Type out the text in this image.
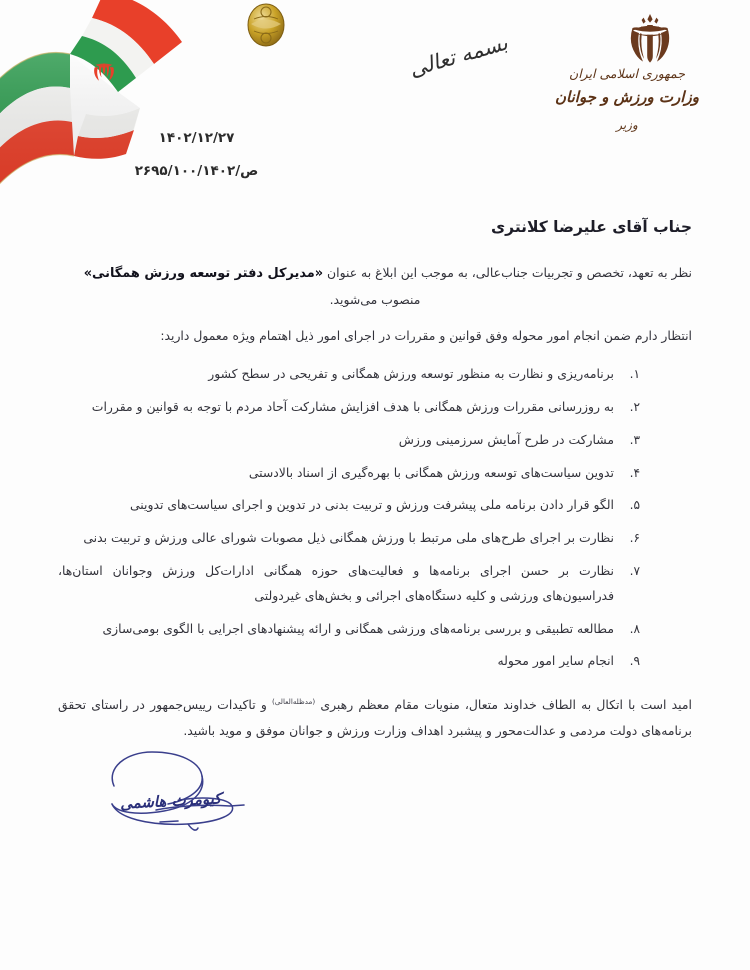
جمهوری اسلامی ایران
وزارت ورزش و جوانان
وزیر
بسمه تعالی
۱۴۰۲/۱۲/۲۷
۲۶۹۵/۱۰۰/ص/۱۴۰۲
جناب آقای علیرضا کلانتری

نظر به تعهد، تخصص و تجربیات جناب‌عالی، به موجب این ابلاغ به عنوان «مدیرکل دفتر توسعه ورزش همگانی»
منصوب می‌شوید.

انتظار دارم ضمن انجام امور محوله وفق قوانین و مقررات در اجرای امور ذیل اهتمام ویژه معمول دارید:

برنامه‌ریزی و نظارت به منظور توسعه ورزش همگانی و تفریحی در سطح کشور
به روزرسانی مقررات ورزش همگانی با هدف افزایش مشارکت آحاد مردم با توجه به قوانین و مقررات
مشارکت در طرح آمایش سرزمینی ورزش
تدوین سیاست‌های توسعه ورزش همگانی با بهره‌گیری از اسناد بالادستی
الگو قرار دادن برنامه ملی پیشرفت ورزش و تربیت بدنی در تدوین و اجرای سیاست‌های تدوینی
نظارت بر اجرای طرح‌های ملی مرتبط با ورزش همگانی ذیل مصوبات شورای عالی ورزش و تربیت بدنی
نظارت بر حسن اجرای برنامه‌ها و فعالیت‌های حوزه همگانی ادارات‌کل ورزش وجوانان استان‌ها، فدراسیون‌های ورزشی و کلیه دستگاه‌های اجرائی و بخش‌های غیردولتی
مطالعه تطبیقی و بررسی برنامه‌های ورزشی همگانی و ارائه پیشنهادهای اجرایی با الگوی بومی‌سازی
انجام سایر امور محوله

امید است با اتکال به الطاف خداوند متعال، منویات مقام معظم رهبری $^{(مدظله‌العالی)}$ و تاکیدات رییس‌جمهور در راستای تحقق برنامه‌های دولت مردمی و عدالت‌محور و پیشبرد اهداف وزارت ورزش و جوانان موفق و موید باشید.

کیومرث هاشمی
